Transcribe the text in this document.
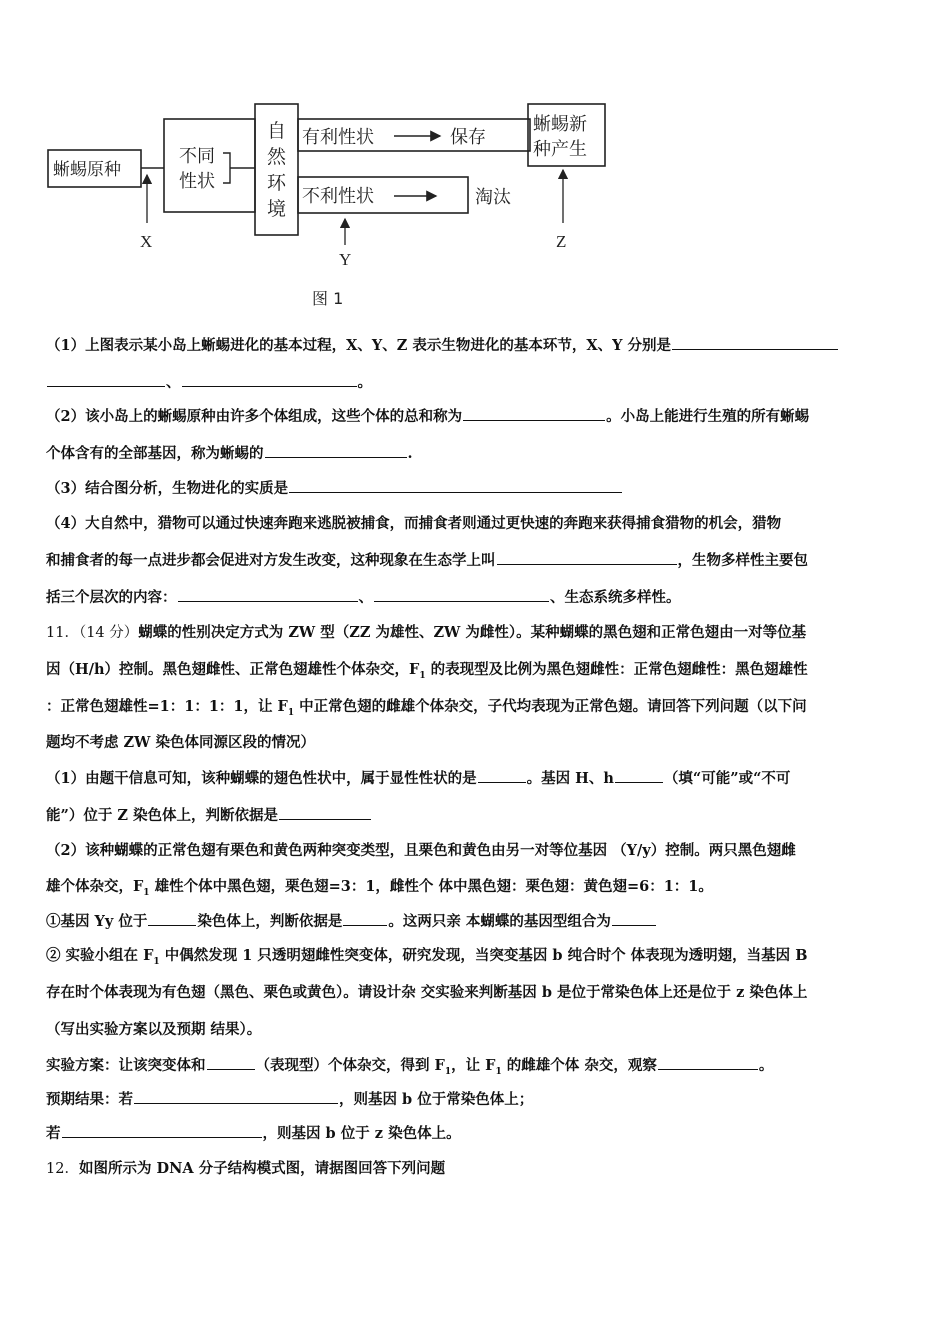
蜥蜴原种
不同
性状
自
然
环
境
有利性状	保存
不利性状	淘汰
蜥蜴新
种产生
X
Y
Z
图 1
（1）上图表示某小岛上蜥蜴进化的基本过程，X、Y、Z 表示生物进化的基本环节，X、Y 分别是
、	。
（2）该小岛上的蜥蜴原种由许多个体组成，这些个体的总和称为	。小岛上能进行生殖的所有蜥蜴
个体含有的全部基因，称为蜥蜴的	.
（3）结合图分析，生物进化的实质是
（4）大自然中，猎物可以通过快速奔跑来逃脱被捕食，而捕食者则通过更快速的奔跑来获得捕食猎物的机会，猎物
和捕食者的每一点进步都会促进对方发生改变，这种现象在生态学上叫	，生物多样性主要包
括三个层次的内容：	、	、生态系统多样性。
11．（14 分）蝴蝶的性别决定方式为 ZW 型（ZZ 为雄性、ZW 为雌性）。某种蝴蝶的黑色翅和正常色翅由一对等位基
因（H/h）控制。黑色翅雌性、正常色翅雄性个体杂交，$F_1$ 的表现型及比例为黑色翅雌性：正常色翅雌性：黑色翅雄性
：正常色翅雄性=1：1：1：1，让 $F_1$ 中正常色翅的雌雄个体杂交，子代均表现为正常色翅。请回答下列问题（以下问
题均不考虑 ZW 染色体同源区段的情况）
（1）由题干信息可知，该种蝴蝶的翅色性状中，属于显性性状的是	。基因 H、h	（填“可能”或“不可
能”）位于 Z 染色体上，判断依据是
（2）该种蝴蝶的正常色翅有栗色和黄色两种突变类型，且栗色和黄色由另一对等位基因 （Y/y）控制。两只黑色翅雌
雄个体杂交，$F_1$ 雄性个体中黑色翅，栗色翅=3：1，雌性个 体中黑色翅：栗色翅：黄色翅=6：1：1。
①基因 Yy 位于	染色体上，判断依据是	。这两只亲 本蝴蝶的基因型组合为
② 实验小组在 $F_1$ 中偶然发现 1 只透明翅雌性突变体，研究发现，当突变基因 b 纯合时个 体表现为透明翅，当基因 B
存在时个体表现为有色翅（黑色、栗色或黄色）。请设计杂 交实验来判断基因 b 是位于常染色体上还是位于 z 染色体上
（写出实验方案以及预期 结果）。
实验方案：让该突变体和	（表现型）个体杂交，得到 $F_1$，让 $F_1$ 的雌雄个体 杂交，观察	。
预期结果：若	，则基因 b 位于常染色体上；
若	，则基因 b 位于 z 染色体上。
12．如图所示为 DNA 分子结构模式图，请据图回答下列问题
